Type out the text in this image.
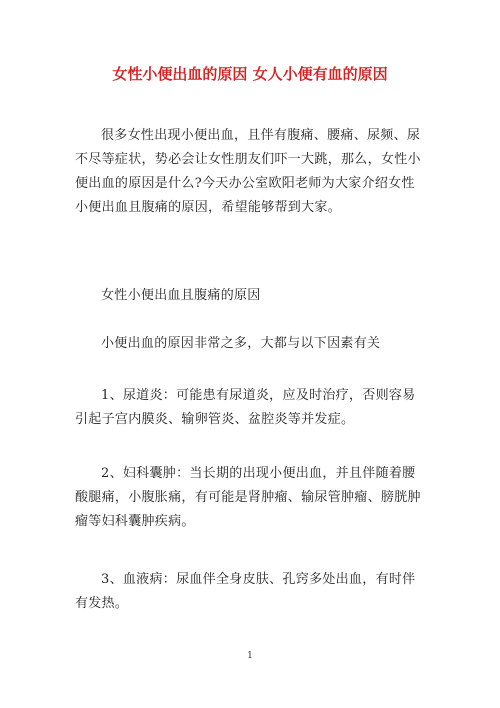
女性小便出血的原因 女人小便有血的原因

很多女性出现小便出血，且伴有腹痛、腰痛、尿频、尿不尽等症状，势必会让女性朋友们吓一大跳，那么，女性小便出血的原因是什么?今天办公室欧阳老师为大家介绍女性小便出血且腹痛的原因，希望能够帮到大家。

女性小便出血且腹痛的原因

小便出血的原因非常之多，大都与以下因素有关

1、尿道炎：可能患有尿道炎，应及时治疗，否则容易引起子宫内膜炎、输卵管炎、盆腔炎等并发症。

2、妇科囊肿：当长期的出现小便出血，并且伴随着腰酸腿痛，小腹胀痛，有可能是肾肿瘤、输尿管肿瘤、膀胱肿瘤等妇科囊肿疾病。

3、血液病：尿血伴全身皮肤、孔窍多处出血，有时伴有发热。

1
